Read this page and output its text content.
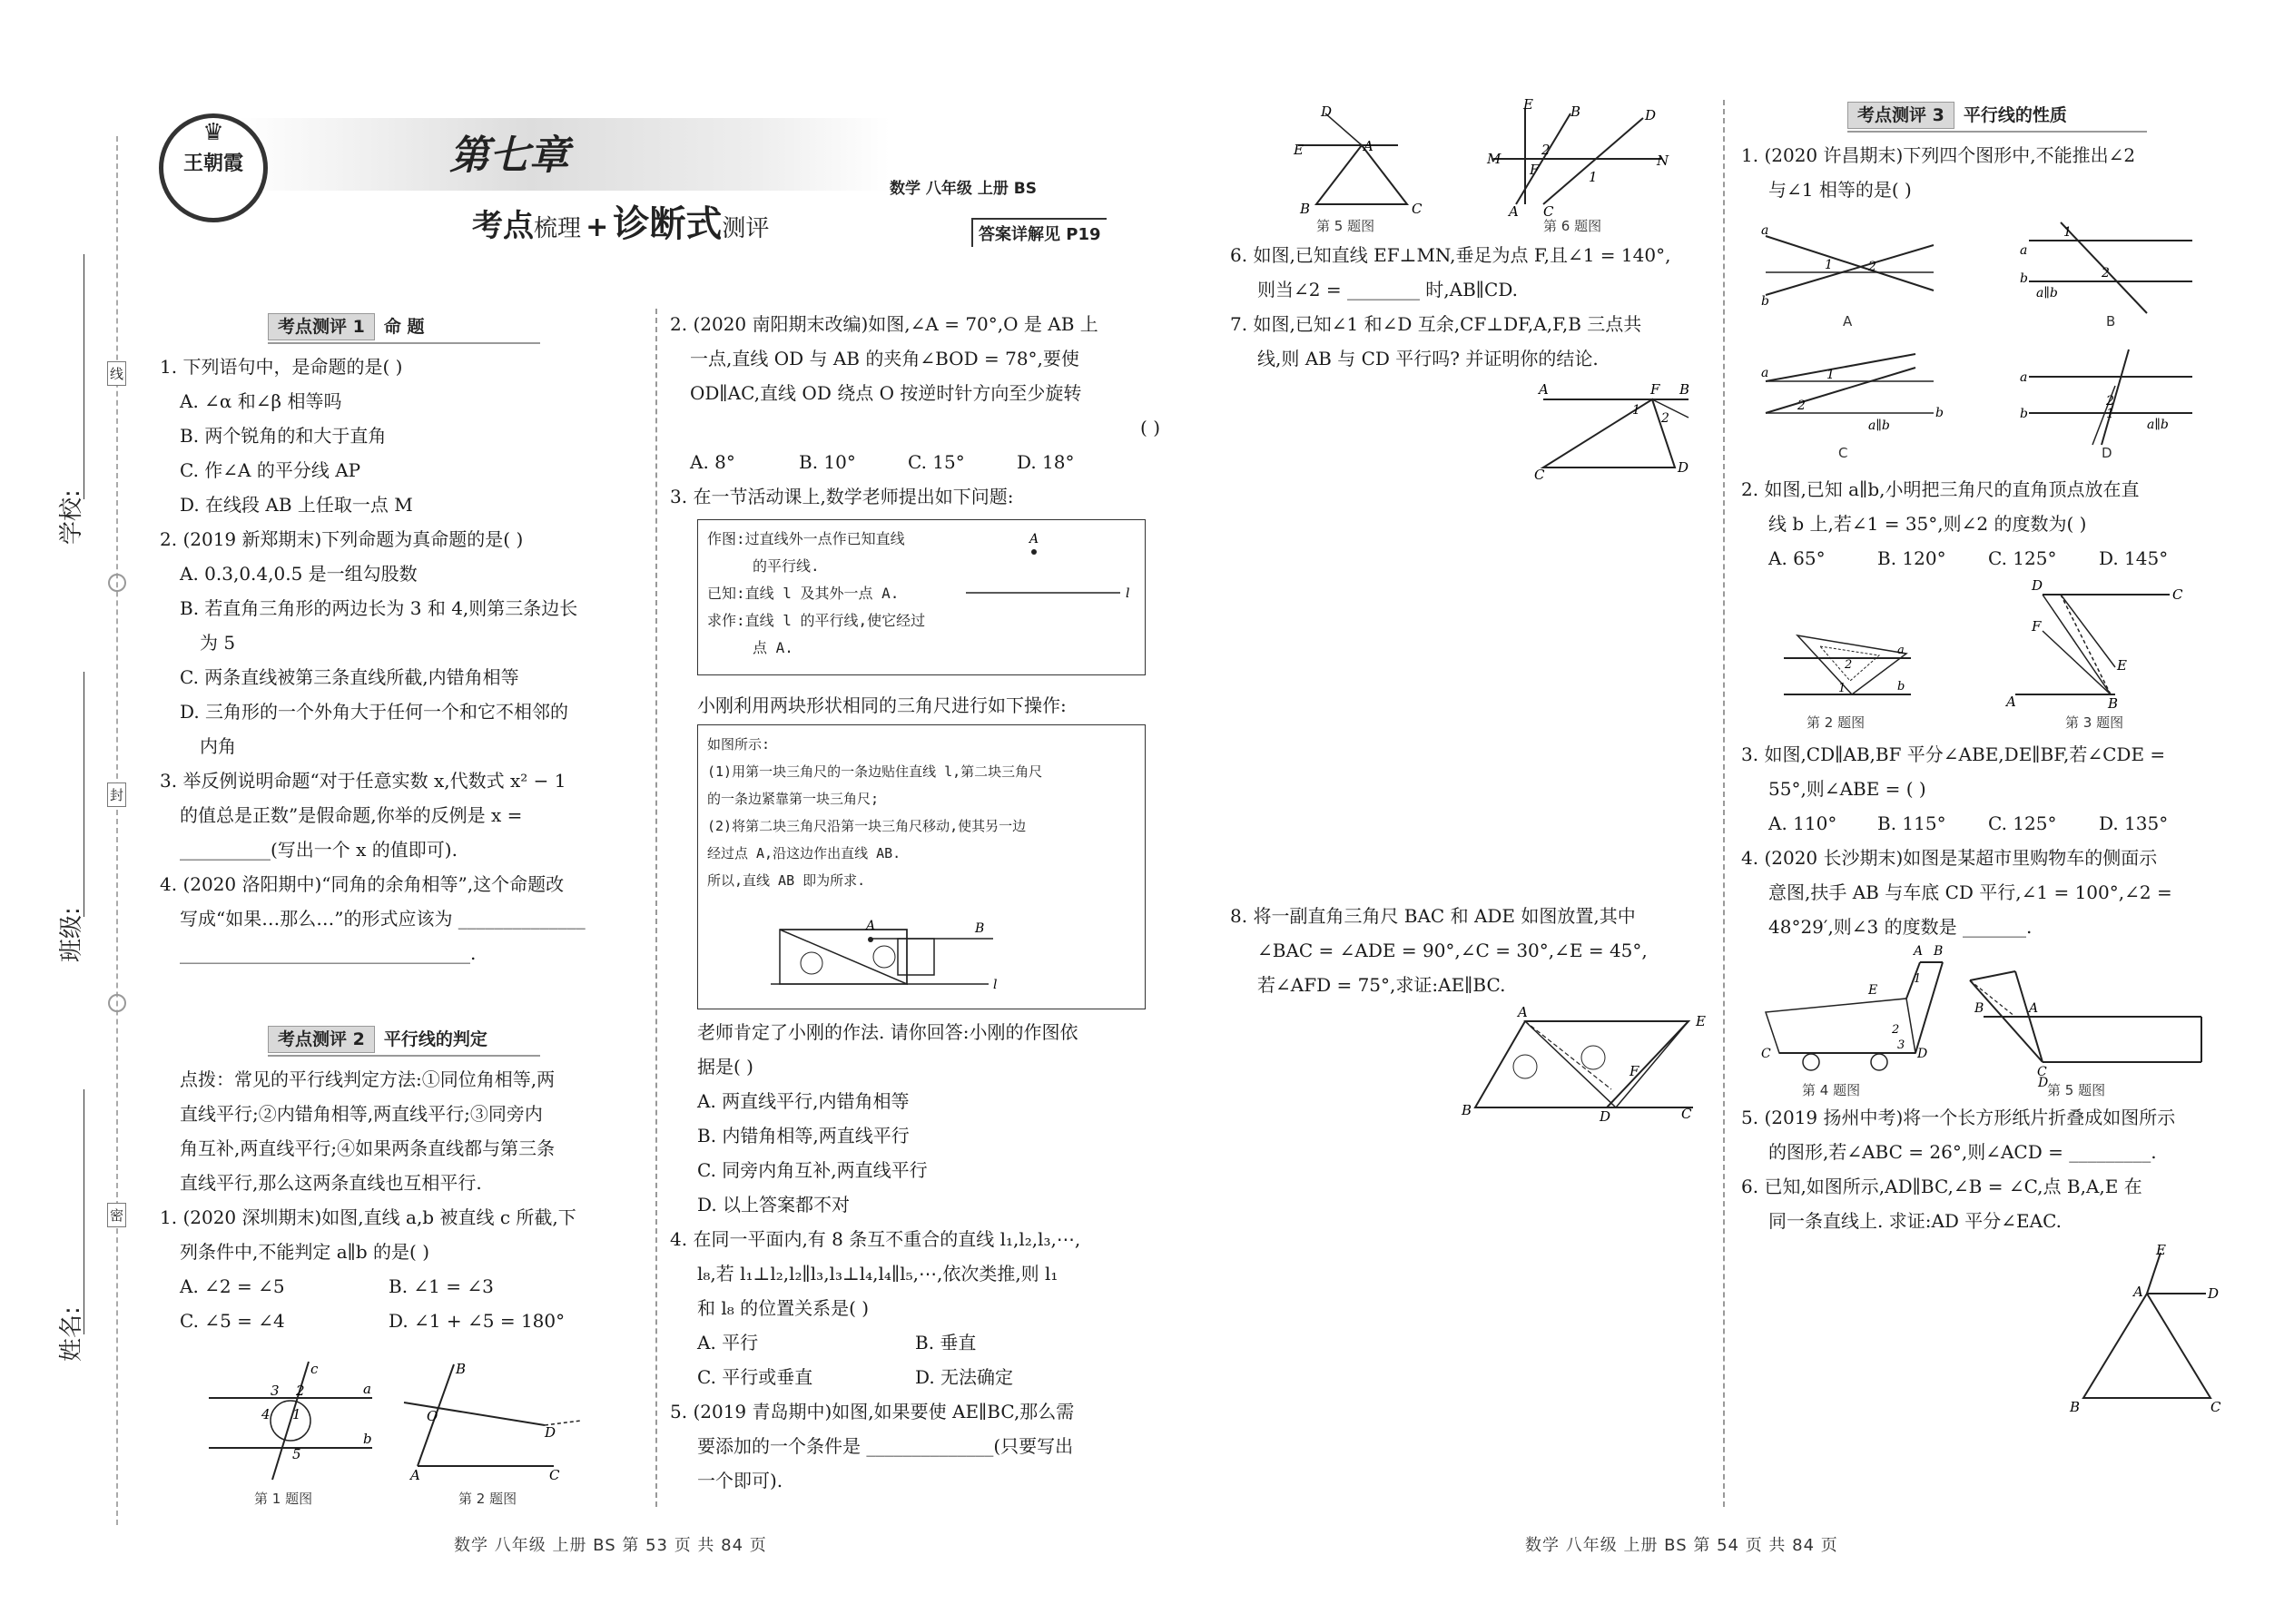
学校:
班级:
姓名:
线
封
密
♛
王朝霞	第七章
考点梳理 + 诊断式测评
数学 八年级 上册 BS
答案详解见 P19
考点测评 1 命 题
1. 下列语句中，是命题的是( )
A. ∠α 和∠β 相等吗
B. 两个锐角的和大于直角
C. 作∠A 的平分线 AP
D. 在线段 AB 上任取一点 M
2. (2019 新郑期末)下列命题为真命题的是( )
A. 0.3,0.4,0.5 是一组勾股数
B. 若直角三角形的两边长为 3 和 4,则第三条边长
为 5
C. 两条直线被第三条直线所截,内错角相等
D. 三角形的一个外角大于任何一个和它不相邻的
内角
3. 举反例说明命题“对于任意实数 x,代数式 x² − 1
的值总是正数”是假命题,你举的反例是 x =
__________(写出一个 x 的值即可).
4. (2020 洛阳期中)“同角的余角相等”,这个命题改
写成“如果…那么…”的形式应该为 ______________
________________________________.
考点测评 2 平行线的判定
点拨：常见的平行线判定方法:①同位角相等,两
直线平行;②内错角相等,两直线平行;③同旁内
角互补,两直线平行;④如果两条直线都与第三条
直线平行,那么这两条直线也互相平行.
1. (2020 深圳期末)如图,直线 a,b 被直线 c 所截,下
列条件中,不能判定 a∥b 的是( )
A. ∠2 = ∠5	B. ∠1 = ∠3
C. ∠5 = ∠4	D. ∠1 + ∠5 = 180°
a
b
c
3 2
4 1
5
第 1 题图
A	C
B
O
D
第 2 题图
2. (2020 南阳期末改编)如图,∠A = 70°,O 是 AB 上
一点,直线 OD 与 AB 的夹角∠BOD = 78°,要使
OD∥AC,直线 OD 绕点 O 按逆时针方向至少旋转
( )
A. 8°	B. 10°	C. 15°	D. 18°
3. 在一节活动课上,数学老师提出如下问题:
作图:过直线外一点作已知直线
的平行线.
已知:直线 l 及其外一点 A.
求作:直线 l 的平行线,使它经过
点 A.
A
l
小刚利用两块形状相同的三角尺进行如下操作:
如图所示:
(1)用第一块三角尺的一条边贴住直线 l,第二块三角尺
的一条边紧靠第一块三角尺;
(2)将第二块三角尺沿第一块三角尺移动,使其另一边
经过点 A,沿这边作出直线 AB.
所以,直线 AB 即为所求.
A	B
l
老师肯定了小刚的作法. 请你回答:小刚的作图依
据是( )
A. 两直线平行,内错角相等
B. 内错角相等,两直线平行
C. 同旁内角互补,两直线平行
D. 以上答案都不对
4. 在同一平面内,有 8 条互不重合的直线 l₁,l₂,l₃,⋯,
l₈,若 l₁⊥l₂,l₂∥l₃,l₃⊥l₄,l₄∥l₅,⋯,依次类推,则 l₁
和 l₈ 的位置关系是( )
A. 平行	B. 垂直
C. 平行或垂直	D. 无法确定
5. (2019 青岛期中)如图,如果要使 AE∥BC,那么需
要添加的一个条件是 ______________(只要写出
一个即可).
D
E	A
B	C
第 5 题图
E	B	D
M
F
N
2
1
A C
第 6 题图
6. 如图,已知直线 EF⊥MN,垂足为点 F,且∠1 = 140°,
则当∠2 = ________ 时,AB∥CD.
7. 如图,已知∠1 和∠D 互余,CF⊥DF,A,F,B 三点共
线,则 AB 与 CD 平行吗? 并证明你的结论.
A	F B
1
2
C	D
8. 将一副直角三角尺 BAC 和 ADE 如图放置,其中
∠BAC = ∠ADE = 90°,∠C = 30°,∠E = 45°,
若∠AFD = 75°,求证:AE∥BC.
A
E
B	D	C
F
考点测评 3 平行线的性质
1. (2020 许昌期末)下列四个图形中,不能推出∠2
与∠1 相等的是( )
a
b
1	2
A
1
2
a
b
a∥b
B
a
b
1
2
a∥b
C
a
b
2
1
a∥b
D
2. 如图,已知 a∥b,小明把三角尺的直角顶点放在直
线 b 上,若∠1 = 35°,则∠2 的度数为( )
A. 65°	B. 120°	C. 125°	D. 145°
a
b
2
1
第 2 题图
D
C
F
E
A	B
第 3 题图
3. 如图,CD∥AB,BF 平分∠ABE,DE∥BF,若∠CDE =
55°,则∠ABE = ( )
A. 110°	B. 115°	C. 125°	D. 135°
4. (2020 长沙期末)如图是某超市里购物车的侧面示
意图,扶手 AB 与车底 CD 平行,∠1 = 100°,∠2 =
48°29′,则∠3 的度数是 _______.
A B
C	D
E
2
3
1
第 4 题图
B	A
C
D
第 5 题图
5. (2019 扬州中考)将一个长方形纸片折叠成如图所示
的图形,若∠ABC = 26°,则∠ACD = _________.
6. 已知,如图所示,AD∥BC,∠B = ∠C,点 B,A,E 在
同一条直线上. 求证:AD 平分∠EAC.
E
A	D
B	C
数学 八年级 上册 BS 第 53 页 共 84 页	数学 八年级 上册 BS 第 54 页 共 84 页
